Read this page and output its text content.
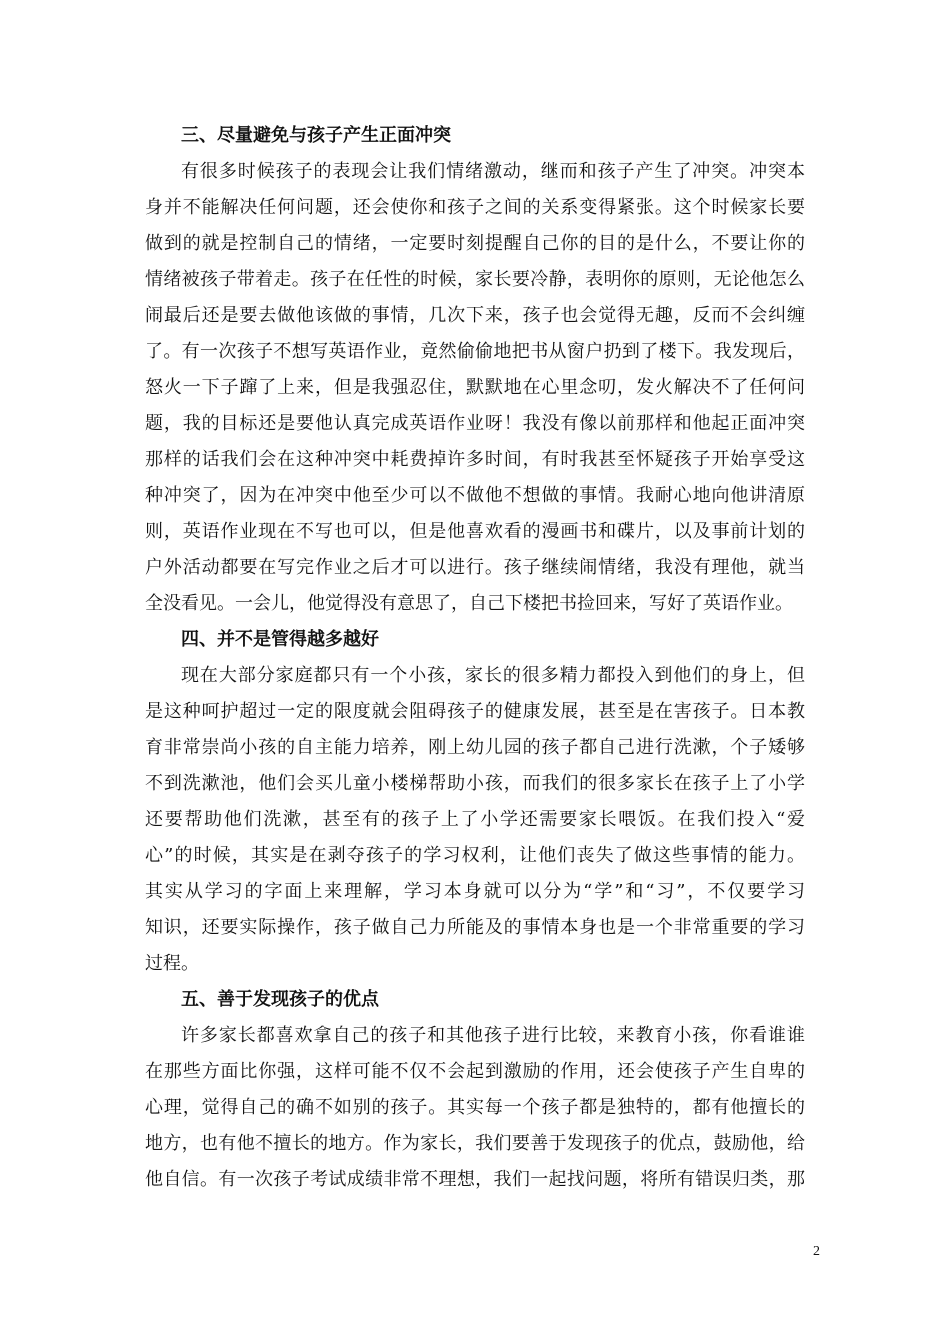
三、尽量避免与孩子产生正面冲突
有很多时候孩子的表现会让我们情绪激动，继而和孩子产生了冲突。冲突本
身并不能解决任何问题，还会使你和孩子之间的关系变得紧张。这个时候家长要
做到的就是控制自己的情绪，一定要时刻提醒自己你的目的是什么，不要让你的
情绪被孩子带着走。孩子在任性的时候，家长要冷静，表明你的原则，无论他怎么
闹最后还是要去做他该做的事情，几次下来，孩子也会觉得无趣，反而不会纠缠
了。有一次孩子不想写英语作业，竟然偷偷地把书从窗户扔到了楼下。我发现后，
怒火一下子蹿了上来，但是我强忍住，默默地在心里念叨，发火解决不了任何问
题，我的目标还是要他认真完成英语作业呀！我没有像以前那样和他起正面冲突
那样的话我们会在这种冲突中耗费掉许多时间，有时我甚至怀疑孩子开始享受这
种冲突了，因为在冲突中他至少可以不做他不想做的事情。我耐心地向他讲清原
则，英语作业现在不写也可以，但是他喜欢看的漫画书和碟片，以及事前计划的
户外活动都要在写完作业之后才可以进行。孩子继续闹情绪，我没有理他，就当
全没看见。一会儿，他觉得没有意思了，自己下楼把书捡回来，写好了英语作业。
四、并不是管得越多越好
现在大部分家庭都只有一个小孩，家长的很多精力都投入到他们的身上，但
是这种呵护超过一定的限度就会阻碍孩子的健康发展，甚至是在害孩子。日本教
育非常崇尚小孩的自主能力培养，刚上幼儿园的孩子都自己进行洗漱，个子矮够
不到洗漱池，他们会买儿童小楼梯帮助小孩，而我们的很多家长在孩子上了小学
还要帮助他们洗漱，甚至有的孩子上了小学还需要家长喂饭。在我们投入“爱
心”的时候，其实是在剥夺孩子的学习权利，让他们丧失了做这些事情的能力。
其实从学习的字面上来理解，学习本身就可以分为“学”和“习”，不仅要学习
知识，还要实际操作，孩子做自己力所能及的事情本身也是一个非常重要的学习
过程。
五、善于发现孩子的优点
许多家长都喜欢拿自己的孩子和其他孩子进行比较，来教育小孩，你看谁谁
在那些方面比你强，这样可能不仅不会起到激励的作用，还会使孩子产生自卑的
心理，觉得自己的确不如别的孩子。其实每一个孩子都是独特的，都有他擅长的
地方，也有他不擅长的地方。作为家长，我们要善于发现孩子的优点，鼓励他，给
他自信。有一次孩子考试成绩非常不理想，我们一起找问题，将所有错误归类，那
2
